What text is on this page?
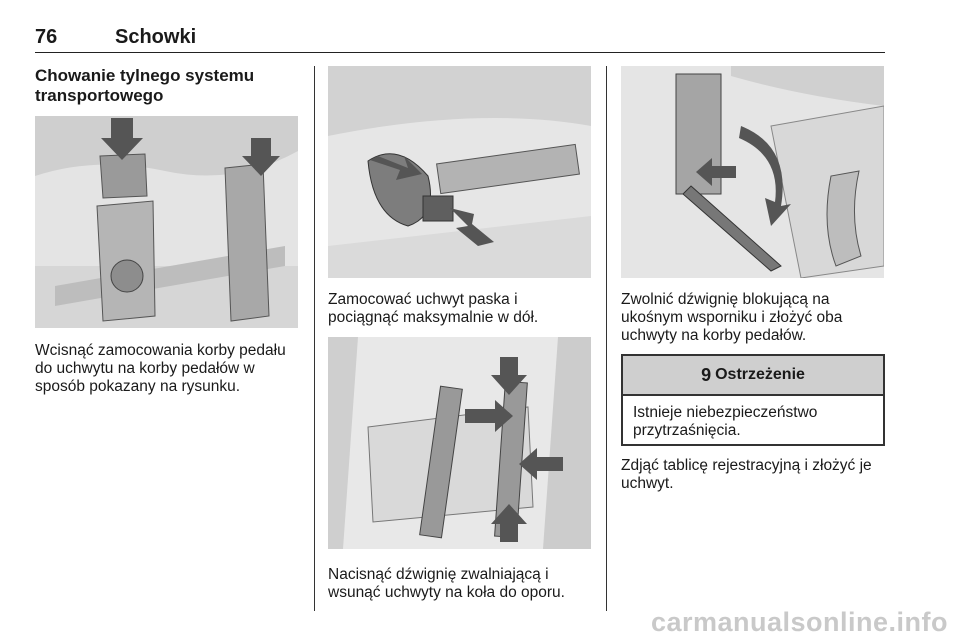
76	Schowki

Chowanie tylnego systemu

transportowego

Wcisnąć zamocowania korby pedału

do uchwytu na korby pedałów w

sposób pokazany na rysunku.

Zamocować uchwyt paska i

pociągnąć maksymalnie w dół.

Nacisnąć dźwignię zwalniającą i

wsunąć uchwyty na koła do oporu.

Zwolnić dźwignię blokującą na

ukośnym wsporniku i złożyć oba

uchwyty na korby pedałów.

9 Ostrzeżenie
Istnieje niebezpieczeństwo
przytrzaśnięcia.

Zdjąć tablicę rejestracyjną i złożyć je

uchwyt.

carmanualsonline.info
